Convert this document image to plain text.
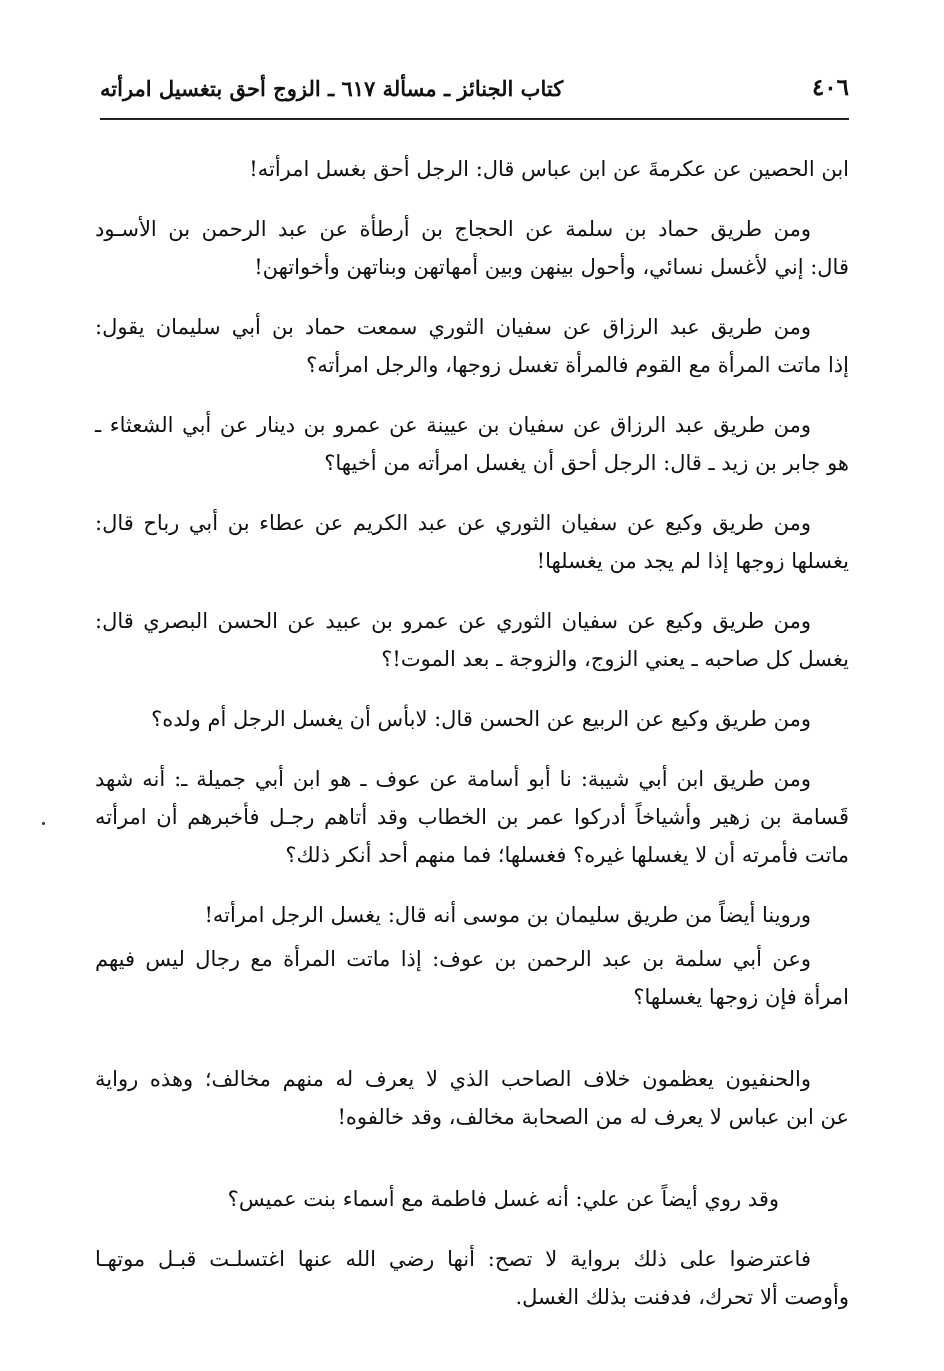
٤٠٦
كتاب الجنائز ـ مسألة ٦١٧ ـ الزوج أحق بتغسيل امرأته

ابن الحصين عن عكرمةَ عن ابن عباس قال: الرجل أحق بغسل امرأته!

ومن طريق حماد بن سلمة عن الحجاج بن أرطأة عن عبد الرحمن بن الأسـود
قال: إني لأغسل نسائي، وأحول بينهن وبين أمهاتهن وبناتهن وأخواتهن!

ومن طريق عبد الرزاق عن سفيان الثوري سمعت حماد بن أبي سليمان يقول:
إذا ماتت المرأة مع القوم فالمرأة تغسل زوجها، والرجل امرأته؟

ومن طريق عبد الرزاق عن سفيان بن عيينة عن عمرو بن دينار عن أبي الشعثاء ـ
هو جابر بن زيد ـ قال: الرجل أحق أن يغسل امرأته من أخيها؟

ومن طريق وكيع عن سفيان الثوري عن عبد الكريم عن عطاء بن أبي رباح قال:
يغسلها زوجها إذا لم يجد من يغسلها!

ومن طريق وكيع عن سفيان الثوري عن عمرو بن عبيد عن الحسن البصري قال:
يغسل كل صاحبه ـ يعني الزوج، والزوجة ـ بعد الموت!؟

ومن طريق وكيع عن الربيع عن الحسن قال: لابأس أن يغسل الرجل أم ولده؟

ومن طريق ابن أبي شيبة: نا أبو أسامة عن عوف ـ هو ابن أبي جميلة ـ: أنه شهد
قَسامة بن زهير وأشياخاً أدركوا عمر بن الخطاب وقد أتاهم رجـل فأخبرهم أن امرأته
ماتت فأمرته أن لا يغسلها غيره؟ فغسلها؛ فما منهم أحد أنكر ذلك؟

وروينا أيضاً من طريق سليمان بن موسى أنه قال: يغسل الرجل امرأته!

وعن أبي سلمة بن عبد الرحمن بن عوف: إذا ماتت المرأة مع رجال ليس فيهم
امرأة فإن زوجها يغسلها؟

والحنفيون يعظمون خلاف الصاحب الذي لا يعرف له منهم مخالف؛ وهذه رواية
عن ابن عباس لا يعرف له من الصحابة مخالف، وقد خالفوه!

وقد روي أيضاً عن علي: أنه غسل فاطمة مع أسماء بنت عميس؟

فاعترضوا على ذلك برواية لا تصح: أنها رضي الله عنها اغتسلـت قبـل موتهـا
وأوصت ألا تحرك، فدفنت بذلك الغسل.
